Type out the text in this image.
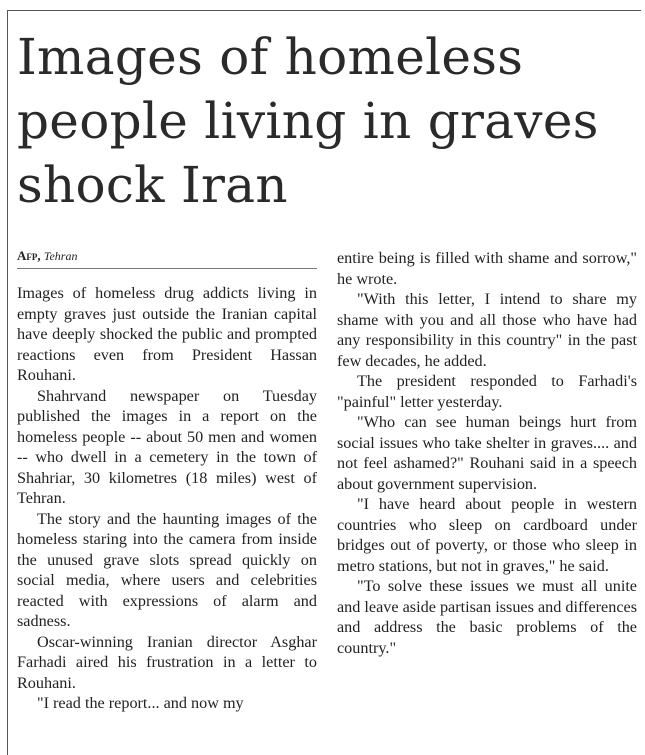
Images of homeless people living in graves shock Iran

Afp, Tehran

Images of homeless drug addicts living in empty graves just outside the Iranian capital have deeply shocked the public and prompted reactions even from President Hassan Rouhani.

Shahrvand newspaper on Tuesday published the images in a report on the homeless people -- about 50 men and women -- who dwell in a cemetery in the town of Shahriar, 30 kilometres (18 miles) west of Tehran.

The story and the haunting images of the homeless staring into the camera from inside the unused grave slots spread quickly on social media, where users and celebrities reacted with expressions of alarm and sadness.

Oscar-winning Iranian director Asghar Farhadi aired his frustration in a letter to Rouhani.

"I read the report... and now my

entire being is filled with shame and sorrow," he wrote.

"With this letter, I intend to share my shame with you and all those who have had any responsibility in this country" in the past few decades, he added.

The president responded to Farhadi's "painful" letter yesterday.

"Who can see human beings hurt from social issues who take shelter in graves.... and not feel ashamed?" Rouhani said in a speech about government supervision.

"I have heard about people in western countries who sleep on cardboard under bridges out of poverty, or those who sleep in metro stations, but not in graves," he said.

"To solve these issues we must all unite and leave aside partisan issues and differences and address the basic problems of the country."
